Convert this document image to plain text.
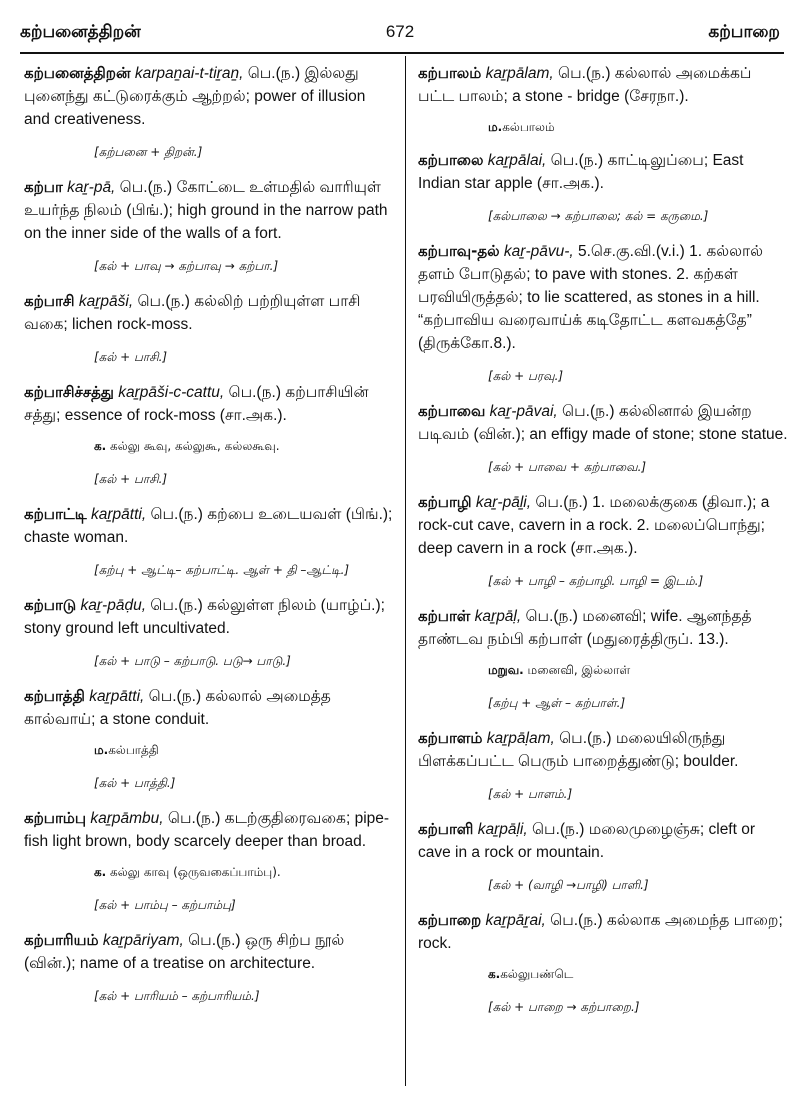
672
கற்பனைத்திறன்	கற்பாறை
கற்பனைத்திறன் karpaṉai-t-tiṟaṉ, பெ.(ந.) இல்லது புனைந்து கட்டுரைக்கும் ஆற்றல்; power of illusion and creativeness.
[கற்பனை + திறன்.]
கற்பா kaṟ-pā, பெ.(ந.) கோட்டை உள்மதில் வாரியுள் உயர்ந்த நிலம் (பிங்.); high ground in the narrow path on the inner side of the walls of a fort.
[கல் + பாவு → கற்பாவு → கற்பா.]
கற்பாசி kaṟpāši, பெ.(ந.) கல்லிற் பற்றியுள்ள பாசி வகை; lichen rock-moss.
[கல் + பாசி.]
கற்பாசிச்சத்து kaṟpāši-c-cattu, பெ.(ந.) கற்பாசியின் சத்து; essence of rock-moss (சா.அக.).
க. கல்லு கூவு, கல்லுகூ, கல்லகூவு.
[கல் + பாசி.]
கற்பாட்டி kaṟpātti, பெ.(ந.) கற்பை உடையவள் (பிங்.); chaste woman.
[கற்பு + ஆட்டி– கற்பாட்டி. ஆள் + தி –ஆட்டி.]
கற்பாடு kaṟ-pāḍu, பெ.(ந.) கல்லுள்ள நிலம் (யாழ்ப்.); stony ground left uncultivated.
[கல் + பாடு – கற்பாடு. படு→ பாடு.]
கற்பாத்தி kaṟpātti, பெ.(ந.) கல்லால் அமைத்த கால்வாய்; a stone conduit.
ம.கல்பாத்தி
[கல் + பாத்தி.]
கற்பாம்பு kaṟpāmbu, பெ.(ந.) கடற்குதிரைவகை; pipe-fish light brown, body scarcely deeper than broad.
க. கல்லு காவு (ஒருவகைப்பாம்பு).
[கல் + பாம்பு – கற்பாம்பு]
கற்பாரியம் kaṟpāriyam, பெ.(ந.) ஒரு சிற்ப நூல் (வின்.); name of a treatise on architecture.
[கல் + பாரியம் – கற்பாரியம்.]
கற்பாலம் kaṟpālam, பெ.(ந.) கல்லால் அமைக்கப் பட்ட பாலம்; a stone - bridge (சேரநா.).
ம.கல்பாலம்
கற்பாலை kaṟpālai, பெ.(ந.) காட்டிலுப்பை; East Indian star apple (சா.அக.).
[கல்பாலை → கற்பாலை; கல் = கருமை.]
கற்பாவு-தல் kaṟ-pāvu-, 5.செ.கு.வி.(v.i.) 1. கல்லால் தளம் போடுதல்; to pave with stones. 2. கற்கள் பரவியிருத்தல்; to lie scattered, as stones in a hill. “கற்பாவிய வரைவாய்க் கடிதோட்ட களவகத்தே” (திருக்கோ.8.).
[கல் + பரவு.]
கற்பாவை kaṟ-pāvai, பெ.(ந.) கல்லினால் இயன்ற படிவம் (வின்.); an effigy made of stone; stone statue.
[கல் + பாவை + கற்பாவை.]
கற்பாழி kaṟ-pāḻi, பெ.(ந.) 1. மலைக்குகை (திவா.); a rock-cut cave, cavern in a rock. 2. மலைப்பொந்து; deep cavern in a rock (சா.அக.).
[கல் + பாழி – கற்பாழி. பாழி = இடம்.]
கற்பாள் kaṟpāḷ, பெ.(ந.) மனைவி; wife. ஆனந்தத் தாண்டவ நம்பி கற்பாள் (மதுரைத்திருப். 13.).
மறுவ. மனைவி, இல்லாள்
[கற்பு + ஆள் – கற்பாள்.]
கற்பாளம் kaṟpāḷam, பெ.(ந.) மலையிலிருந்து பிளக்கப்பட்ட பெரும் பாறைத்துண்டு; boulder.
[கல் + பாளம்.]
கற்பாளி kaṟpāḷi, பெ.(ந.) மலைமுழைஞ்சு; cleft or cave in a rock or mountain.
[கல் + (வாழி →பாழி) பாளி.]
கற்பாறை kaṟpāṟai, பெ.(ந.) கல்லாக அமைந்த பாறை; rock.
க.கல்லுபண்டெ
[கல் + பாறை → கற்பாறை.]
